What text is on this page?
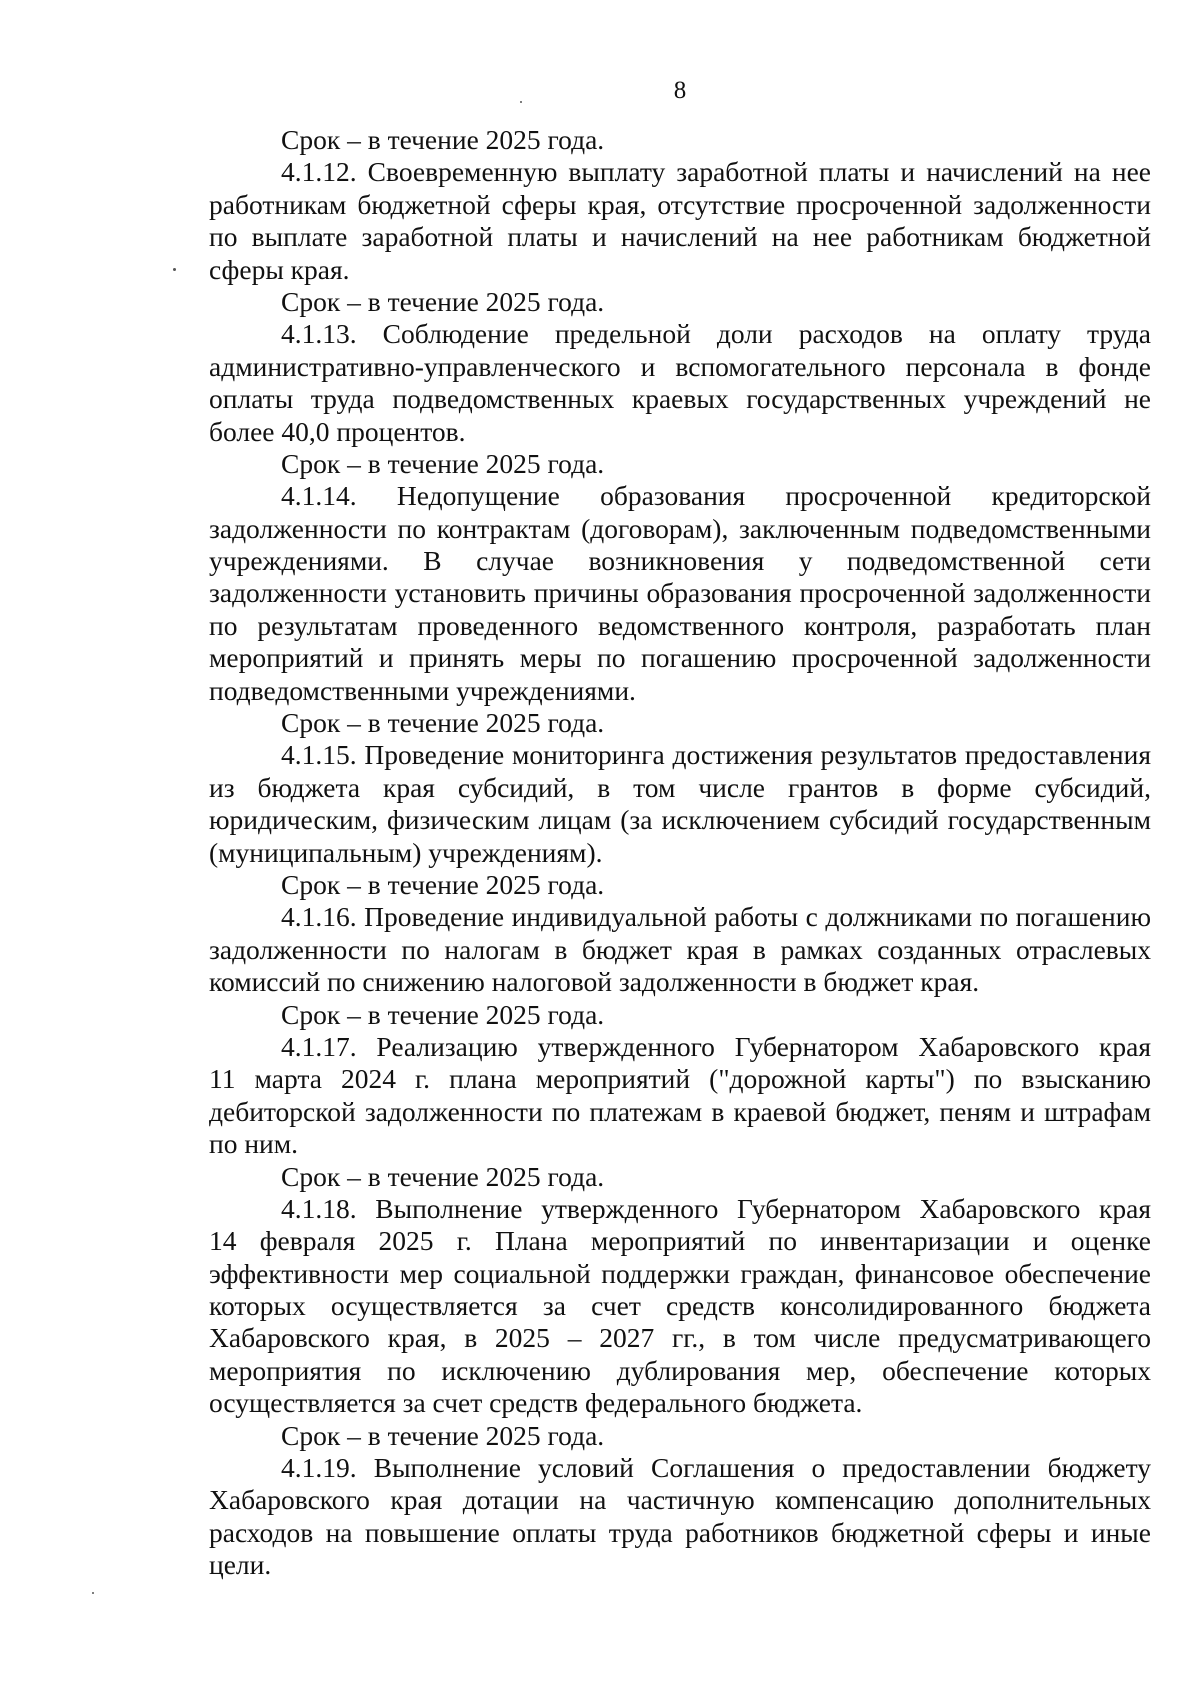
8
Срок – в течение 2025 года.
4.1.12. Своевременную выплату заработной платы и начислений на нее
работникам бюджетной сферы края, отсутствие просроченной задолженности
по выплате заработной платы и начислений на нее работникам бюджетной
сферы края.
Срок – в течение 2025 года.
4.1.13. Соблюдение предельной доли расходов на оплату труда
административно-управленческого и вспомогательного персонала в фонде
оплаты труда подведомственных краевых государственных учреждений не
более 40,0 процентов.
Срок – в течение 2025 года.
4.1.14. Недопущение образования просроченной кредиторской
задолженности по контрактам (договорам), заключенным подведомственными
учреждениями. В случае возникновения у подведомственной сети
задолженности установить причины образования просроченной задолженности
по результатам проведенного ведомственного контроля, разработать план
мероприятий и принять меры по погашению просроченной задолженности
подведомственными учреждениями.
Срок – в течение 2025 года.
4.1.15. Проведение мониторинга достижения результатов предоставления
из бюджета края субсидий, в том числе грантов в форме субсидий,
юридическим, физическим лицам (за исключением субсидий государственным
(муниципальным) учреждениям).
Срок – в течение 2025 года.
4.1.16. Проведение индивидуальной работы с должниками по погашению
задолженности по налогам в бюджет края в рамках созданных отраслевых
комиссий по снижению налоговой задолженности в бюджет края.
Срок – в течение 2025 года.
4.1.17. Реализацию утвержденного Губернатором Хабаровского края
11 марта 2024 г. плана мероприятий ("дорожной карты") по взысканию
дебиторской задолженности по платежам в краевой бюджет, пеням и штрафам
по ним.
Срок – в течение 2025 года.
4.1.18. Выполнение утвержденного Губернатором Хабаровского края
14 февраля 2025 г. Плана мероприятий по инвентаризации и оценке
эффективности мер социальной поддержки граждан, финансовое обеспечение
которых осуществляется за счет средств консолидированного бюджета
Хабаровского края, в 2025 – 2027 гг., в том числе предусматривающего
мероприятия по исключению дублирования мер, обеспечение которых
осуществляется за счет средств федерального бюджета.
Срок – в течение 2025 года.
4.1.19. Выполнение условий Соглашения о предоставлении бюджету
Хабаровского края дотации на частичную компенсацию дополнительных
расходов на повышение оплаты труда работников бюджетной сферы и иные
цели.
